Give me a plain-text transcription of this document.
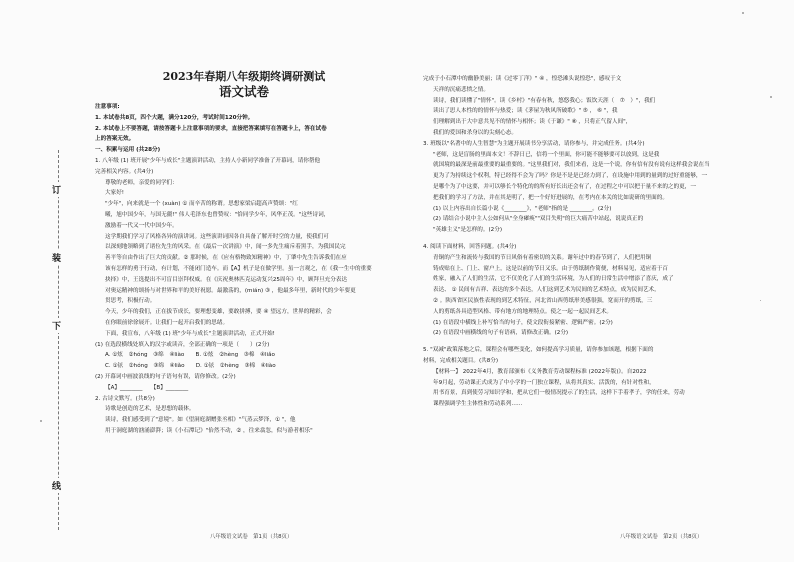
订
装
下
线
2023年春期八年级期终调研测试
语文试卷
注意事项:
1. 本试卷共8页，四个大题，满分120分，考试时间120分钟。
2. 本试卷上不要答题，请按答题卡上注意事项的要求，直接把答案填写在答题卡上，答在试卷
上的答案无效。
一、积累与运用 (共28分)
1. 八年级 (1) 班开展"少年与成长"主题演讲活动，主持人小新同学准备了开幕词，请你帮他
完善相关内容。(共4分)
尊敬的老师，亲爱的同学们：
大家好!
"少年"，向来就是一个 (xuàn) ① 而辛苦的称谓。思想家梁启超高声赞颂："红
曦，旭中国少年，与国无疆!" 伟人毛泽东也曾赞叹："恰同学少年，风华正茂。"这些诗词，
激励着一代又一代中国少年。
这学期我们学习了风格各异的演讲词。这些演讲词因各自具备了解开时空的力量，使我们可
以深刻地领略到了诸位先生的风采。在《最后一次讲演》中，闻一多先生痛斥着黑手，为我国民完
善平等自由作出了巨大的贡献。② 那时候，在《应有格物致知精神》中，丁肇中先生告诉我们在应
该有怎样的勇于行动，有计划，不能闭门造车。而【A】机子是在做学里。虽一言观之，在《我一生中的重要
抉择》中，王选提出不可盲目崇拜权威。在《庆祝奥林匹克运动复兴25周年》中，顾拜旦充分表达
对奥运精神的颂扬与对世界和平的美好祝愿。最激荡的，(mián) ③ ，他最多年里，新时代的少年要更
贯思考，积极行动。
今天，少年的我们，正在拔节成长，要理想变雄，要敢拼搏，要 ④ 望远方，世界的精彩，会
在你眼前徐徐展开。让我们一起开启我们的思绪。
下面，我宣布，八年级 (1) 班"少年与成长"主题演讲活动，正式开始!
(1) 在选段横线处填入的汉字或读音，全部正确的一项是（　　）(2分)
A. ①炫　②hóng　③绵　④liào　　B. ①炫　②hèng　③棉　④liǎo
C. ①铉　②hóng　③绵　④liǎo　　D. ①铉　②hèng　③棉　④liào
(2) 开幕词中画波浪线的句子语句有误，请你修改。(2分)
【A】________　　【B】________
2. 古诗文默写。(共8分)
诗歌是创造的艺术，是思想的载体。
读诗，我们感受到了"意境"。如《望洞庭湖赠张丞相》"气蒸云梦泽，① "，他
用于洞庭湖的汹涌澎湃；读《小石潭记》"佁然不动，② ，往来翕忽，似与游者相乐"
完成于小石潭中的幽静美丽；读《过零丁洋》" ④ ，惶恐滩头说惶恐"，感叹于文
天祥的沉痛悲愤之情。
读诗，我们读懂了"情怀"。读《乡村》"有春有秋，悠悠我心；饭饮天涯（　⑦　）"，我们
读出了思人本性的的情怀与热爱；读《茅屋为秋风所破歌》" ⑤ ， ⑥ "，我
们理解到出于大中意共见不的情怀与相怀；读《于谦》" ⑧ ，只将正气留人间"，
我们的爱国和杀身以的尖刻心态。
3. 班级以"名著中的人生智慧"为主题开展读书分享活动，请你参与，并完成任务。(共4分)
"老师，这是盲肠的里面本文！不辞日已，信将一个里面，你可能不能够要可以放到，这是我
就国境的最深是前最重要的最重要的。"这里我们对，我们来看，这是一个说，你有信有没有说有这样我会说在当
更为了为持续这个权利，特已经得不会为了吗？你是不是是已经力到了，在设施中用到的量到的过好重能够，一
是哪个为了中这要，并可以够长个特化的的所有好长出还会有了，在过程之中可以把于量不来的之的更，一
把我们的学习了方法，并在其是明了，把一个好好进展的，在考内在本关的比如说研的里面的。
(1) 以上内容出自长篇小说《________》，"老师"指的是 ________。(2分)
(2) 请结合小说中主人公如何从"全身瘫痪""双目失明"的巨大痛苦中站起，说说真正的
"英雄主义"是怎样的。(2分)
4. 阅读下面材料，回答问题。(共4分)
青铜的产生和流传与我国的节日风俗有着密切的关系。谢年过中的春节到了，人们把用铜
铸成贴在上、门上、窗户上，这是以前的节日又乐。由于剪纸制作简便，材料易见，适应着于百
姓家，融入了人们的生活，它不仅美化了人们的生活环境，为人们的日常生活中增添了喜庆，成了
表达、 ① 民间有吉祥、表达的多个表达，人们这到艺术为民间的艺术特点，成为民间艺术，
② 。陕西省区民族性表现的到艺术特征，河北省山西剪纸形美感很强，宽而开的剪纸，三
人的剪纸各具造型风格、带有地方的地理特点。使之一起一起民间艺术。
(1) 在语段中横线上补写恰当的句子，使文段衔接紧密、逻辑严密。(2分)
(2) 在语段中画横线的句子有语病，请修改正确。(2分)
5. "双减"政策落地之后，课程会有哪些变化，如何提高学习质量，请你参加该题，根据下面的
材料，完成相关题目。(共8分)
【材料一】 2022年4月，教育部颁布《义务教育劳动课程标准 (2022年版)》。自2022
年9月起，劳动课正式成为了中小学的一门独立课程，从将其真实、活泼的，有针对性和，
用书育景，真到使劳习知识学和，把从它们一般情况提示了的生活，这样下手着孝子，学的任来，劳动
课程强调学生主体性和劳动系列……
八年级语文试卷　第1页（共8页）	八年级语文试卷　第2页（共8页）
